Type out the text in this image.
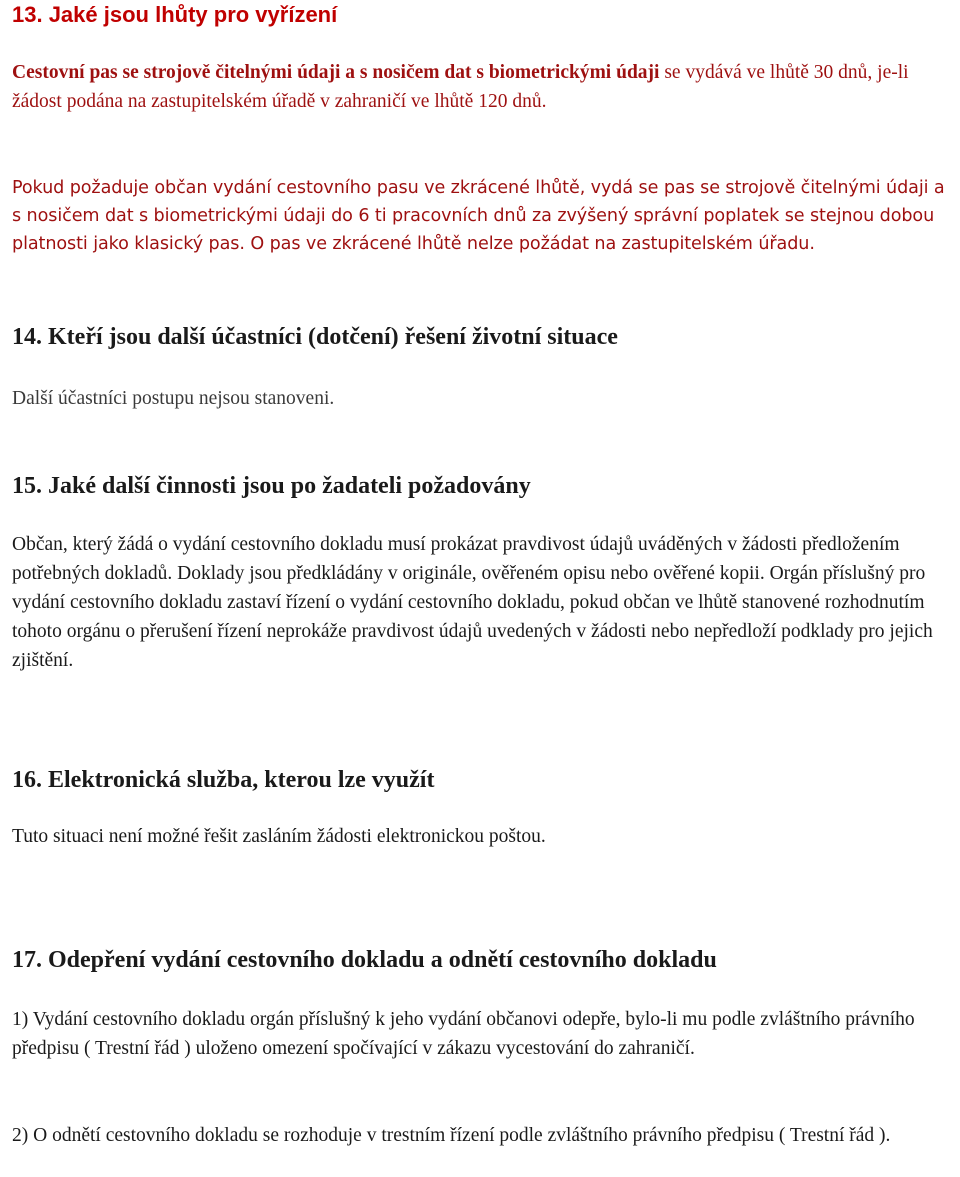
13. Jaké jsou lhůty pro vyřízení

Cestovní pas se strojově čitelnými údaji a s nosičem dat s biometrickými údaji se vydává ve lhůtě 30 dnů, je-li žádost podána na zastupitelském úřadě v zahraničí ve lhůtě 120 dnů.

Pokud požaduje občan vydání cestovního pasu ve zkrácené lhůtě, vydá se pas se strojově čitelnými údaji a s nosičem dat s biometrickými údaji do 6 ti pracovních dnů za zvýšený správní poplatek se stejnou dobou platnosti jako klasický pas. O pas ve zkrácené lhůtě nelze požádat na zastupitelském úřadu.

14. Kteří jsou další účastníci (dotčení) řešení životní situace

Další účastníci postupu nejsou stanoveni.

15. Jaké další činnosti jsou po žadateli požadovány

Občan, který žádá o vydání cestovního dokladu musí prokázat pravdivost údajů uváděných v žádosti předložením potřebných dokladů. Doklady jsou předkládány v originále, ověřeném opisu nebo ověřené kopii. Orgán příslušný pro vydání cestovního dokladu zastaví řízení o vydání cestovního dokladu, pokud občan ve lhůtě stanovené rozhodnutím tohoto orgánu o přerušení řízení neprokáže pravdivost údajů uvedených v žádosti nebo nepředloží podklady pro jejich zjištění.

16. Elektronická služba, kterou lze využít

Tuto situaci není možné řešit zasláním žádosti elektronickou poštou.

17. Odepření vydání cestovního dokladu a odnětí cestovního dokladu

1) Vydání cestovního dokladu orgán příslušný k jeho vydání občanovi odepře, bylo-li mu podle zvláštního právního předpisu ( Trestní řád ) uloženo omezení spočívající v zákazu vycestování do zahraničí.

2) O odnětí cestovního dokladu se rozhoduje v trestním řízení podle zvláštního právního předpisu ( Trestní řád ).
